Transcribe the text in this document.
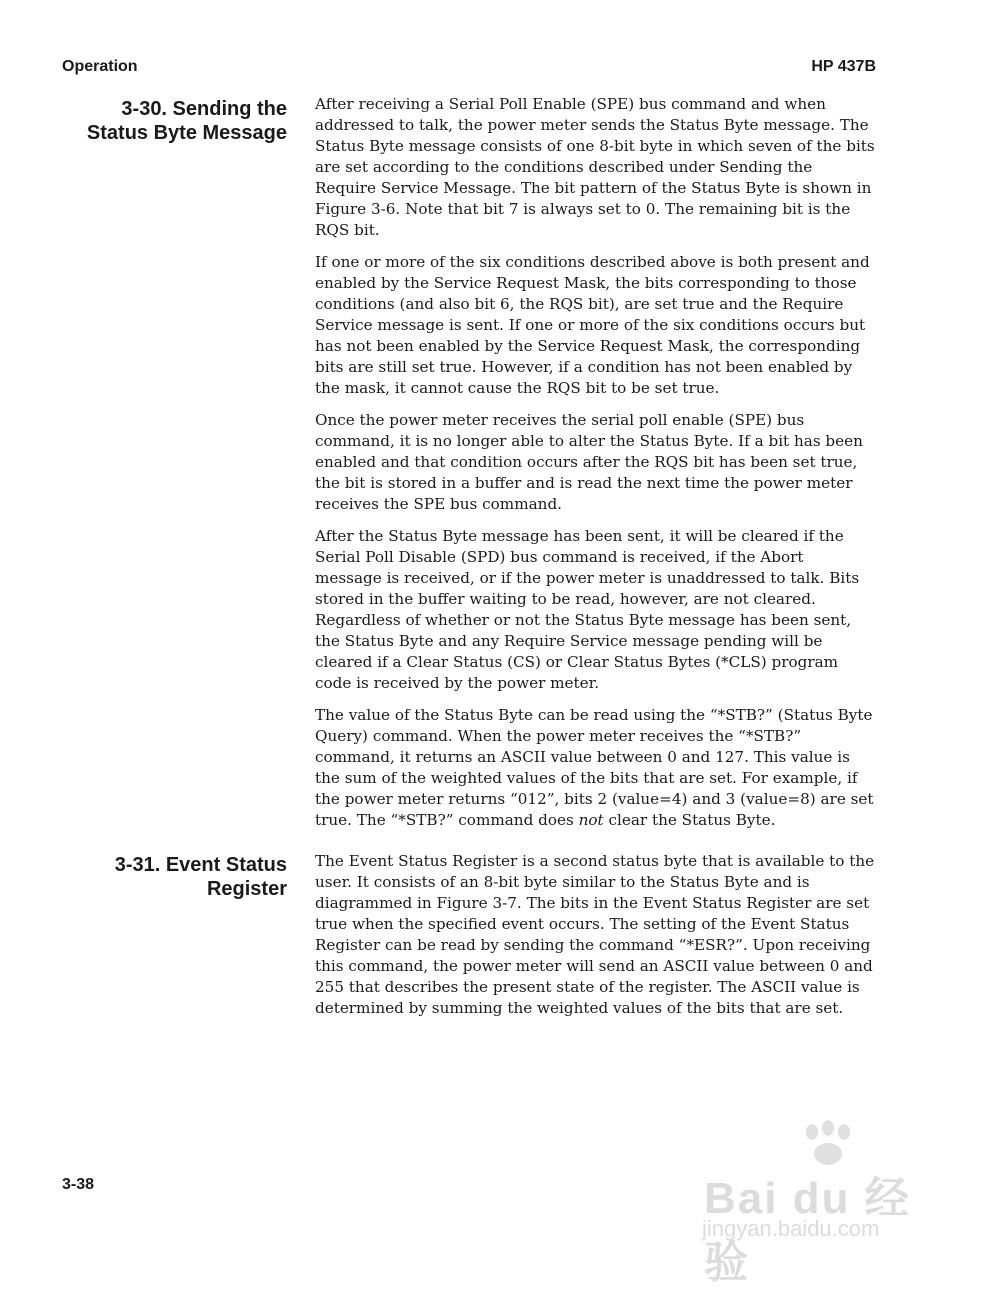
Operation	HP 437B
3-30. Sending the
Status Byte Message

After receiving a Serial Poll Enable (SPE) bus command and when addressed to talk, the power meter sends the Status Byte message. The Status Byte message consists of one 8-bit byte in which seven of the bits are set according to the conditions described under Sending the Require Service Message. The bit pattern of the Status Byte is shown in Figure 3-6. Note that bit 7 is always set to 0. The remaining bit is the RQS bit.

If one or more of the six conditions described above is both present and enabled by the Service Request Mask, the bits corresponding to those conditions (and also bit 6, the RQS bit), are set true and the Require Service message is sent. If one or more of the six conditions occurs but has not been enabled by the Service Request Mask, the corresponding bits are still set true. However, if a condition has not been enabled by the mask, it cannot cause the RQS bit to be set true.

Once the power meter receives the serial poll enable (SPE) bus command, it is no longer able to alter the Status Byte. If a bit has been enabled and that condition occurs after the RQS bit has been set true, the bit is stored in a buffer and is read the next time the power meter receives the SPE bus command.

After the Status Byte message has been sent, it will be cleared if the Serial Poll Disable (SPD) bus command is received, if the Abort message is received, or if the power meter is unaddressed to talk. Bits stored in the buffer waiting to be read, however, are not cleared. Regardless of whether or not the Status Byte message has been sent, the Status Byte and any Require Service message pending will be cleared if a Clear Status (CS) or Clear Status Bytes (*CLS) program code is received by the power meter.

The value of the Status Byte can be read using the “*STB?” (Status Byte Query) command. When the power meter receives the “*STB?” command, it returns an ASCII value between 0 and 127. This value is the sum of the weighted values of the bits that are set. For example, if the power meter returns “012”, bits 2 (value=4) and 3 (value=8) are set true. The “*STB?” command does not clear the Status Byte.

3-31. Event Status
Register

The Event Status Register is a second status byte that is available to the user. It consists of an 8-bit byte similar to the Status Byte and is diagrammed in Figure 3-7. The bits in the Event Status Register are set true when the specified event occurs. The setting of the Event Status Register can be read by sending the command “*ESR?”. Upon receiving this command, the power meter will send an ASCII value between 0 and 255 that describes the present state of the register. The ASCII value is determined by summing the weighted values of the bits that are set.

3-38	Bai du 经验
jingyan.baidu.com
